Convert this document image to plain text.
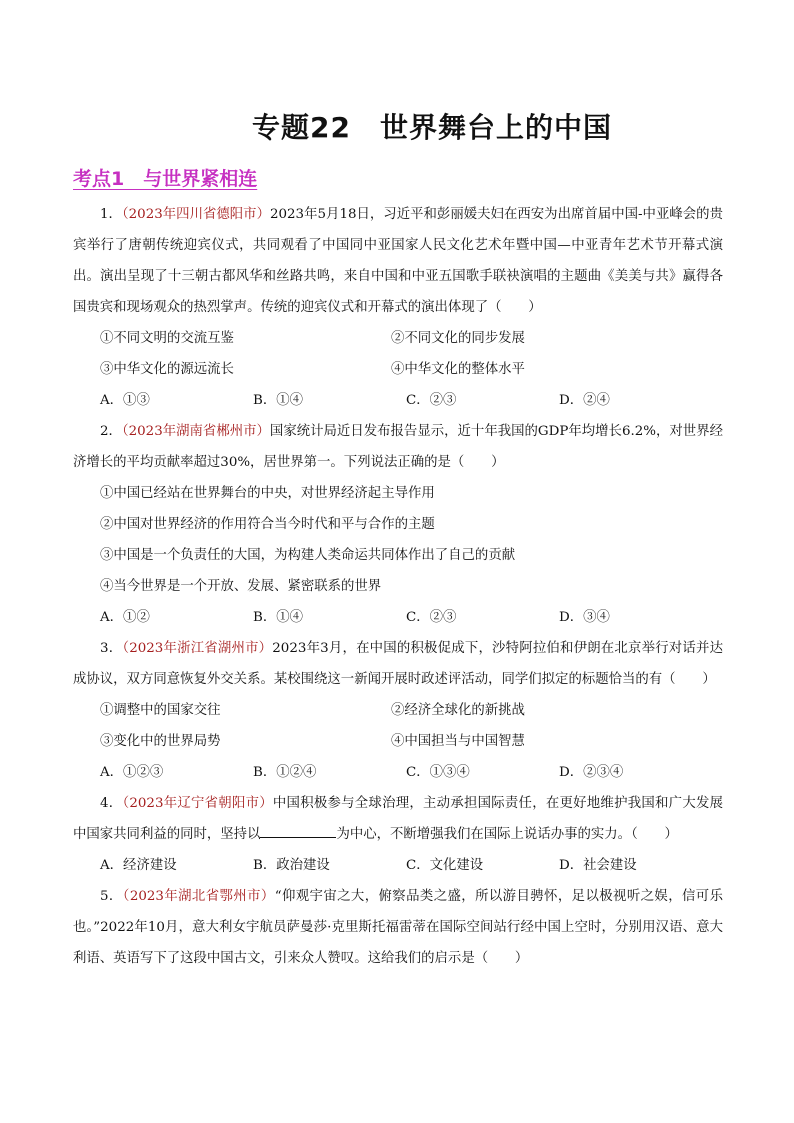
专题22　世界舞台上的中国
考点1　与世界紧相连

1．（2023年四川省德阳市）2023年5月18日，习近平和彭丽媛夫妇在西安为出席首届中国-中亚峰会的贵宾举行了唐朝传统迎宾仪式，共同观看了中国同中亚国家人民文化艺术年暨中国—中亚青年艺术节开幕式演出。演出呈现了十三朝古都风华和丝路共鸣，来自中国和中亚五国歌手联袂演唱的主题曲《美美与共》赢得各国贵宾和现场观众的热烈掌声。传统的迎宾仪式和开幕式的演出体现了（　　）

①不同文明的交流互鉴	②不同文化的同步发展
③中华文化的源远流长	④中华文化的整体水平
A．①③	B．①④	C．②③	D．②④

2．（2023年湖南省郴州市）国家统计局近日发布报告显示，近十年我国的GDP年均增长6.2%，对世界经济增长的平均贡献率超过30%，居世界第一。下列说法正确的是（　　）

①中国已经站在世界舞台的中央，对世界经济起主导作用
②中国对世界经济的作用符合当今时代和平与合作的主题
③中国是一个负责任的大国，为构建人类命运共同体作出了自己的贡献
④当今世界是一个开放、发展、紧密联系的世界
A．①②	B．①④	C．②③	D．③④

3．（2023年浙江省湖州市）2023年3月，在中国的积极促成下，沙特阿拉伯和伊朗在北京举行对话并达成协议，双方同意恢复外交关系。某校围绕这一新闻开展时政述评活动，同学们拟定的标题恰当的有（　　）

①调整中的国家交往	②经济全球化的新挑战
③变化中的世界局势	④中国担当与中国智慧
A．①②③	B．①②④	C．①③④	D．②③④

4．（2023年辽宁省朝阳市）中国积极参与全球治理，主动承担国际责任，在更好地维护我国和广大发展中国家共同利益的同时，坚持以	为中心，不断增强我们在国际上说话办事的实力。（　　）

A．经济建设	B．政治建设	C．文化建设	D．社会建设

5．（2023年湖北省鄂州市）“仰观宇宙之大，俯察品类之盛，所以游目骋怀，足以极视听之娱，信可乐也。”2022年10月，意大利女宇航员萨曼莎·克里斯托福雷蒂在国际空间站行经中国上空时，分别用汉语、意大利语、英语写下了这段中国古文，引来众人赞叹。这给我们的启示是（　　）
